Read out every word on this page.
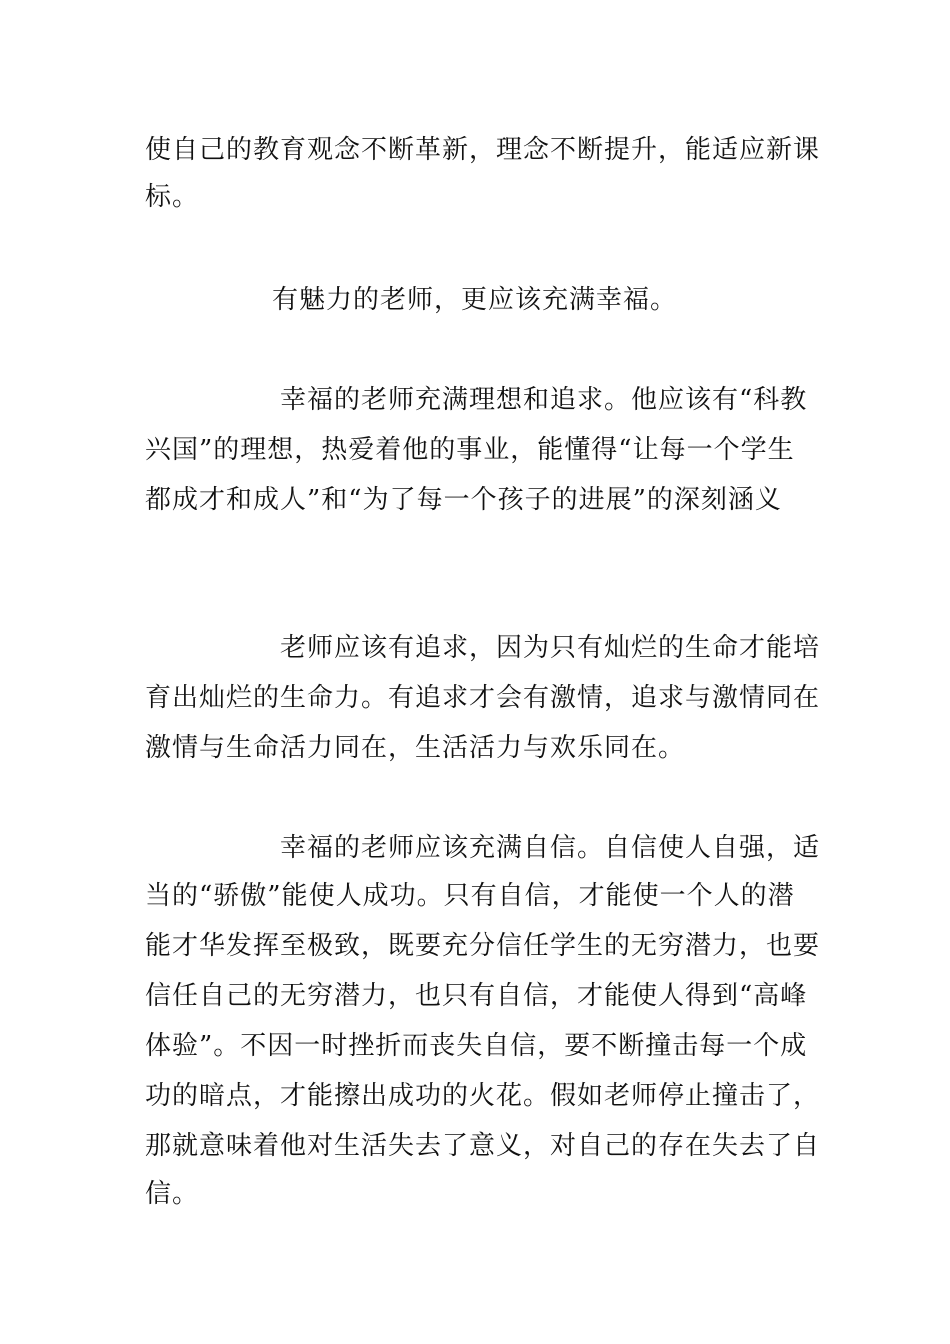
使自己的教育观念不断革新，理念不断提升，能适应新课
标。
有魅力的老师，更应该充满幸福。
幸福的老师充满理想和追求。他应该有“科教
兴国”的理想，热爱着他的事业，能懂得“让每一个学生
都成才和成人”和“为了每一个孩子的进展”的深刻涵义
老师应该有追求，因为只有灿烂的生命才能培
育出灿烂的生命力。有追求才会有激情，追求与激情同在
激情与生命活力同在，生活活力与欢乐同在。
幸福的老师应该充满自信。自信使人自强，适
当的“骄傲”能使人成功。只有自信，才能使一个人的潜
能才华发挥至极致，既要充分信任学生的无穷潜力，也要
信任自己的无穷潜力，也只有自信，才能使人得到“高峰
体验”。不因一时挫折而丧失自信，要不断撞击每一个成
功的暗点，才能擦出成功的火花。假如老师停止撞击了，
那就意味着他对生活失去了意义，对自己的存在失去了自
信。
